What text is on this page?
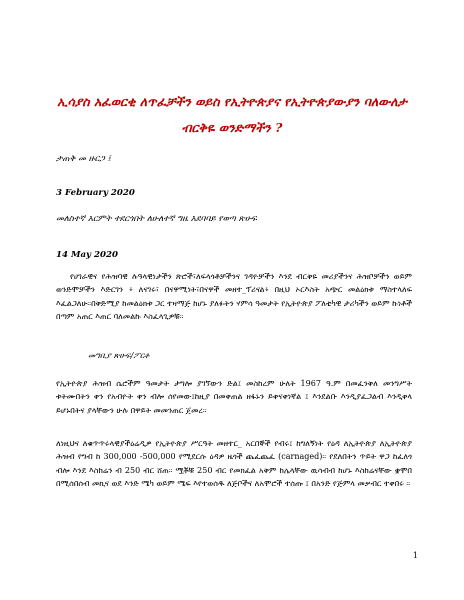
ኢሳያስ አፈወርቂ ለጥፈቻችን ወይስ የኢትዮጵያና የኢትዮጵያውያን ባለውለታ

ብርቅዬ ወንድማችን ?

ታጠቅ መ ዙርጋ ፤

3 February 2020

መለስተኛ እርምት ተደርጎበት ለሁለተኛ ግዜ እደባባይ የወጣ ጽሁፍ

14 May 2020

የሀገራዊና የሕዝባዊ ሉዓላዊነታችን ጽሮች፣ለፍላጎቶቻችንና ገዳዮቻችን እንደ ብርቅዬ መሪያችንና ሕዝቦቻችን ወይም ወንድሞቻችን እድርገን ፥ ለናገሩ፣ በናዋሚነት፣በናዋች መዘተ_ፕሪናል፥ በዚህ ኦርእስት አጭር መልዕክቱ ማስተላለፍ እፈልጋለሁ።በቅድሚያ ከመልዕክቱ ጋር ተዛማጅ ከሆኑ ያለፉትን ሃምሳ ዓመታት የኢትዮጵያ ፖለቲካዊ ታሪካችን ወይም ኩነቶች በጣም አጠር እጠር ባለመልኩ እስፈላጊዎቹ።

መግቢያ ጽሁፍ/ፖርቶ

የኢትዮጵያ ሕዝብ ሴሮችም ዓመታት ታግሎ ያገኘውን ድል፤ መስከረም ሁለት 1967 ዓ.ም በመፈንቅለ መንግሥት ቱትሙበትን ቀን የአብዮት ቀን ብሎ ሰየመው፤ከዚያ በመቀጠል ዘፋኑን ይቀናቀነኛል ፤ እንደልቡ እንዲያፈጋልብ እንዲቀላ ይሆኑበትና ያላቸውን ሁሉ በዋይት መመንጠር ጀመረ።

ለነዚህና ለቁጥጥሩላዊያችዕሬዲዎ የኢትዮጵያ ሥርዓት መዘተር_ አርበኞች የብሩ፤ ከግለኝነት የዕዳ ለኢትዮጵያ ለኢትዮጵያ ሕዝብ የግብ ከ 300,000 -500,000 የሚደርሱ ዕዳዎ ዜጎች ጨፈጨፈ (carnaged)። የደለበትን ጥይት ዋጋ ከፈለጎ ብሎ እንደ እስከሬን ብ 250 ብር ሸጠ። ሟቾቹ 250 ብር የመክፈል አቅም ከሌላቸው ዉሳብብ ከሆኑ እስከሬናቸው ቋሞበ በሚሰበሰብ መኪና ወደ እንድ ሜካ ወይም ሜፍ እየተወሰዱ ለጅቦችና ለአሞሮች ተሰጡ ፤ በአንድ የጅምላ መቃብር ተቀበሩ ።

1
